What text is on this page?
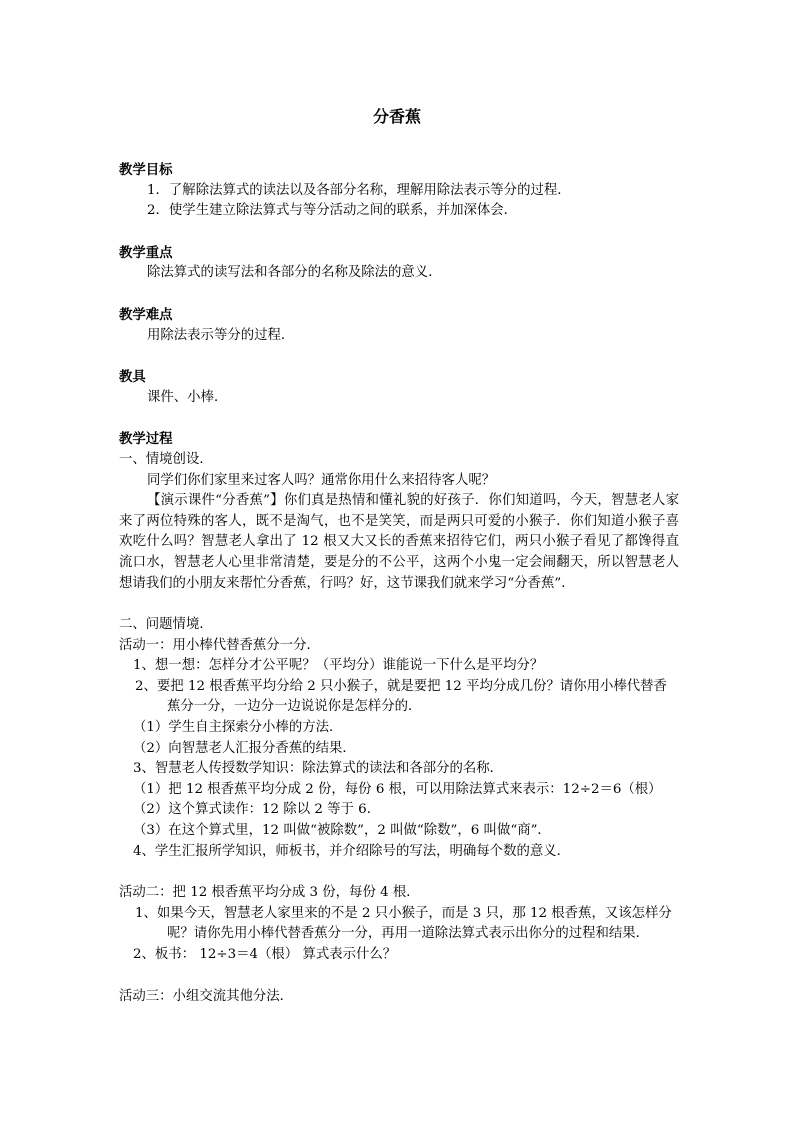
分香蕉

教学目标

1．了解除法算式的读法以及各部分名称，理解用除法表示等分的过程．

2．使学生建立除法算式与等分活动之间的联系，并加深体会．

教学重点

除法算式的读写法和各部分的名称及除法的意义．

教学难点

用除法表示等分的过程．

教具

课件、小棒．

教学过程

一、情境创设．

同学们你们家里来过客人吗？通常你用什么来招待客人呢？

【演示课件“分香蕉”】你们真是热情和懂礼貌的好孩子．你们知道吗，今天，智慧老人家来了两位特殊的客人，既不是淘气，也不是笑笑，而是两只可爱的小猴子．你们知道小猴子喜欢吃什么吗？智慧老人拿出了 12 根又大又长的香蕉来招待它们，两只小猴子看见了都馋得直流口水，智慧老人心里非常清楚，要是分的不公平，这两个小鬼一定会闹翻天，所以智慧老人想请我们的小朋友来帮忙分香蕉，行吗？好，这节课我们就来学习“分香蕉”．

二、问题情境．

活动一：用小棒代替香蕉分一分．

1、想一想：怎样分才公平呢？（平均分）谁能说一下什么是平均分？

2、要把 12 根香蕉平均分给 2 只小猴子，就是要把 12 平均分成几份？请你用小棒代替香蕉分一分，一边分一边说说你是怎样分的．

（1）学生自主探索分小棒的方法．

（2）向智慧老人汇报分香蕉的结果．

3、智慧老人传授数学知识：除法算式的读法和各部分的名称．

（1）把 12 根香蕉平均分成 2 份，每份 6 根，可以用除法算式来表示：12÷2＝6（根）

（2）这个算式读作：12 除以 2 等于 6．

（3）在这个算式里，12 叫做“被除数”，2 叫做“除数”，6 叫做“商”．

4、学生汇报所学知识，师板书，并介绍除号的写法，明确每个数的意义．

活动二：把 12 根香蕉平均分成 3 份，每份 4 根．

1、如果今天，智慧老人家里来的不是 2 只小猴子，而是 3 只，那 12 根香蕉，又该怎样分呢？请你先用小棒代替香蕉分一分，再用一道除法算式表示出你分的过程和结果．

2、板书： 12÷3＝4（根） 算式表示什么？

活动三：小组交流其他分法．
